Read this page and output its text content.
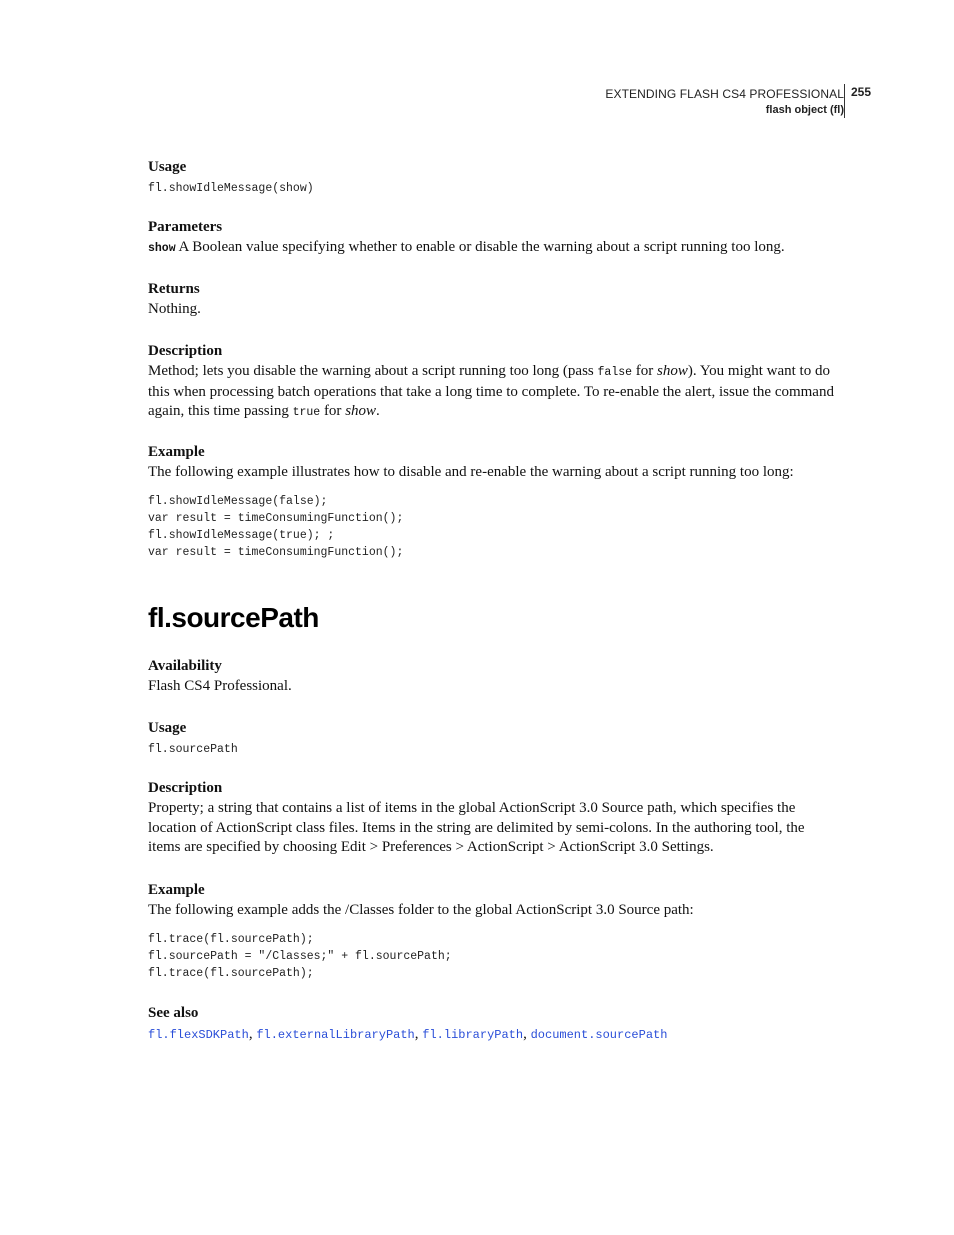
EXTENDING FLASH CS4 PROFESSIONAL
flash object (fl)
255
Usage
fl.showIdleMessage(show)
Parameters
show A Boolean value specifying whether to enable or disable the warning about a script running too long.
Returns
Nothing.
Description
Method; lets you disable the warning about a script running too long (pass false for show). You might want to do this when processing batch operations that take a long time to complete. To re-enable the alert, issue the command again, this time passing true for show.
Example
The following example illustrates how to disable and re-enable the warning about a script running too long:
fl.showIdleMessage(false);
var result = timeConsumingFunction();
fl.showIdleMessage(true); ;
var result = timeConsumingFunction();
fl.sourcePath
Availability
Flash CS4 Professional.
Usage
fl.sourcePath
Description
Property; a string that contains a list of items in the global ActionScript 3.0 Source path, which specifies the location of ActionScript class files. Items in the string are delimited by semi-colons. In the authoring tool, the items are specified by choosing Edit > Preferences > ActionScript > ActionScript 3.0 Settings.
Example
The following example adds the /Classes folder to the global ActionScript 3.0 Source path:
fl.trace(fl.sourcePath);
fl.sourcePath = "/Classes;" + fl.sourcePath;
fl.trace(fl.sourcePath);
See also
fl.flexSDKPath, fl.externalLibraryPath, fl.libraryPath, document.sourcePath
